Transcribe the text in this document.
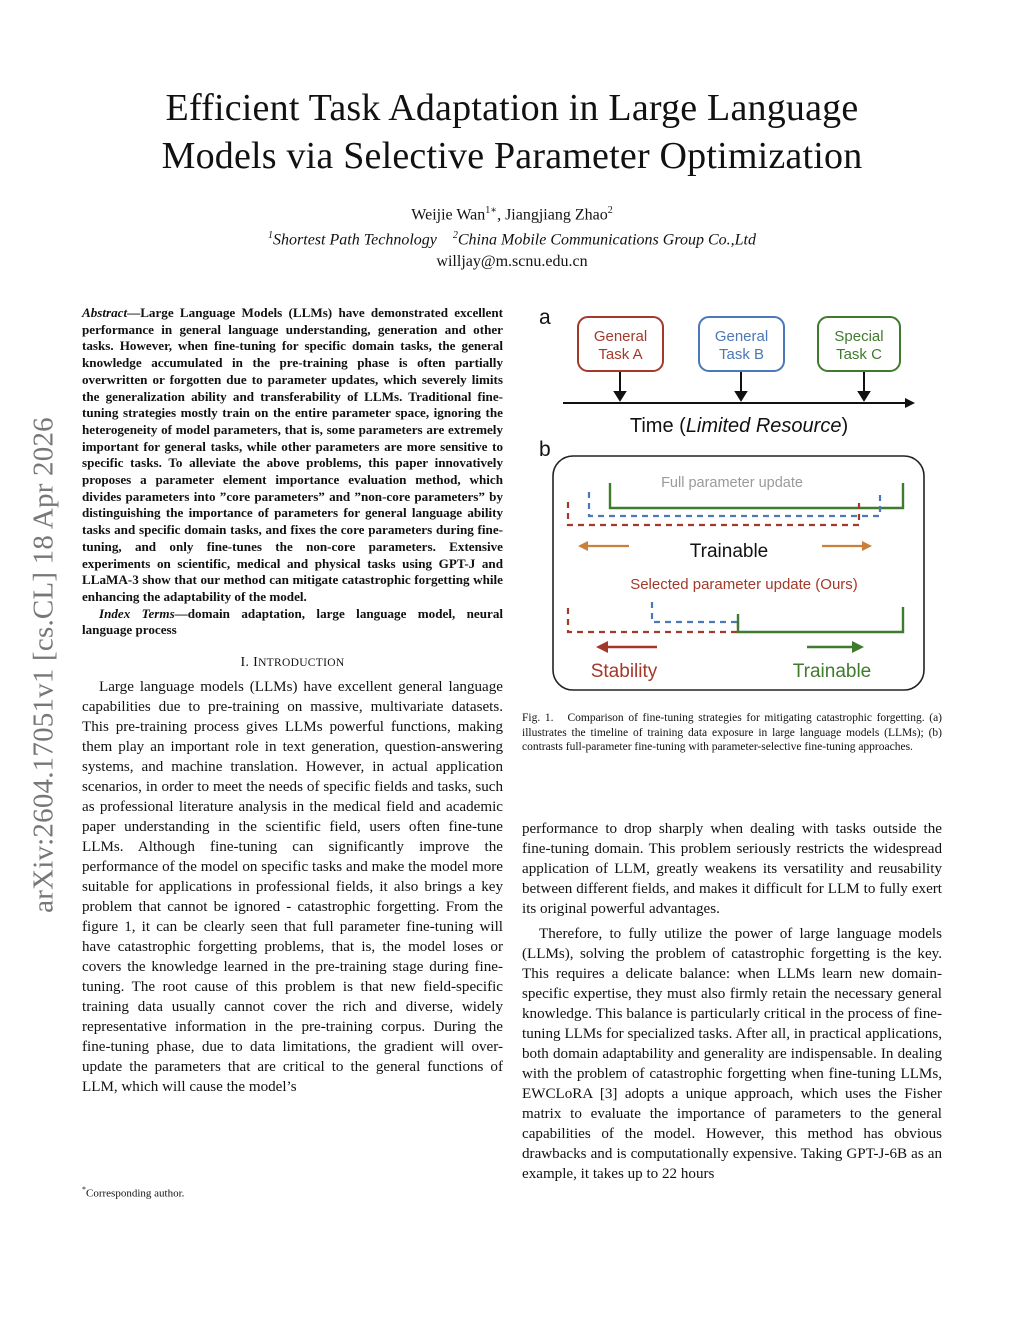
arXiv:2604.17051v1 [cs.CL] 18 Apr 2026
Efficient Task Adaptation in Large Language
Models via Selective Parameter Optimization
Weijie Wan$^{1∗}$, Jiangjiang Zhao$^2$
$^1$Shortest Path Technology $^2$China Mobile Communications Group Co.,Ltd
willjay@m.scnu.edu.cn

Abstract—Large Language Models (LLMs) have demonstrated excellent performance in general language understanding, generation and other tasks. However, when fine-tuning for specific domain tasks, the general knowledge accumulated in the pre-training phase is often partially overwritten or forgotten due to parameter updates, which severely limits the generalization ability and transferability of LLMs. Traditional fine-tuning strategies mostly train on the entire parameter space, ignoring the heterogeneity of model parameters, that is, some parameters are extremely important for general tasks, while other parameters are more sensitive to specific tasks. To alleviate the above problems, this paper innovatively proposes a parameter element importance evaluation method, which divides parameters into ”core parameters” and ”non-core parameters” by distinguishing the importance of parameters for general language ability tasks and specific domain tasks, and fixes the core parameters during fine-tuning, and only fine-tunes the non-core parameters. Extensive experiments on scientific, medical and physical tasks using GPT-J and LLaMA-3 show that our method can mitigate catastrophic forgetting while enhancing the adaptability of the model.

Index Terms—domain adaptation, large language model, neural language process

I. INTRODUCTION

Large language models (LLMs) have excellent general language capabilities due to pre-training on massive, multivariate datasets. This pre-training process gives LLMs powerful functions, making them play an important role in text generation, question-answering systems, and machine translation. However, in actual application scenarios, in order to meet the needs of specific fields and tasks, such as professional literature analysis in the medical field and academic paper understanding in the scientific field, users often fine-tune LLMs. Although fine-tuning can significantly improve the performance of the model on specific tasks and make the model more suitable for applications in professional fields, it also brings a key problem that cannot be ignored - catastrophic forgetting. From the figure 1, it can be clearly seen that full parameter fine-tuning will have catastrophic forgetting problems, that is, the model loses or covers the knowledge learned in the pre-training stage during fine-tuning. The root cause of this problem is that new field-specific training data usually cannot cover the rich and diverse, widely representative information in the pre-training corpus. During the fine-tuning phase, due to data limitations, the gradient will over-update the parameters that are critical to the general functions of LLM, which will cause the model’s

*Corresponding author.
a
General
Task A
General
Task B
Special
Task C
Time (Limited Resource)
b
Full parameter update
Trainable
Selected parameter update (Ours)
Stability	Trainable
Fig. 1. Comparison of fine-tuning strategies for mitigating catastrophic forgetting. (a) illustrates the timeline of training data exposure in large language models (LLMs); (b) contrasts full-parameter fine-tuning with parameter-selective fine-tuning approaches.

performance to drop sharply when dealing with tasks outside the fine-tuning domain. This problem seriously restricts the widespread application of LLM, greatly weakens its versatility and reusability between different fields, and makes it difficult for LLM to fully exert its original powerful advantages.

Therefore, to fully utilize the power of large language models (LLMs), solving the problem of catastrophic forgetting is the key. This requires a delicate balance: when LLMs learn new domain-specific expertise, they must also firmly retain the necessary general knowledge. This balance is particularly critical in the process of fine-tuning LLMs for specialized tasks. After all, in practical applications, both domain adaptability and generality are indispensable. In dealing with the problem of catastrophic forgetting when fine-tuning LLMs, EWCLoRA [3] adopts a unique approach, which uses the Fisher matrix to evaluate the importance of parameters to the general capabilities of the model. However, this method has obvious drawbacks and is computationally expensive. Taking GPT-J-6B as an example, it takes up to 22 hours
